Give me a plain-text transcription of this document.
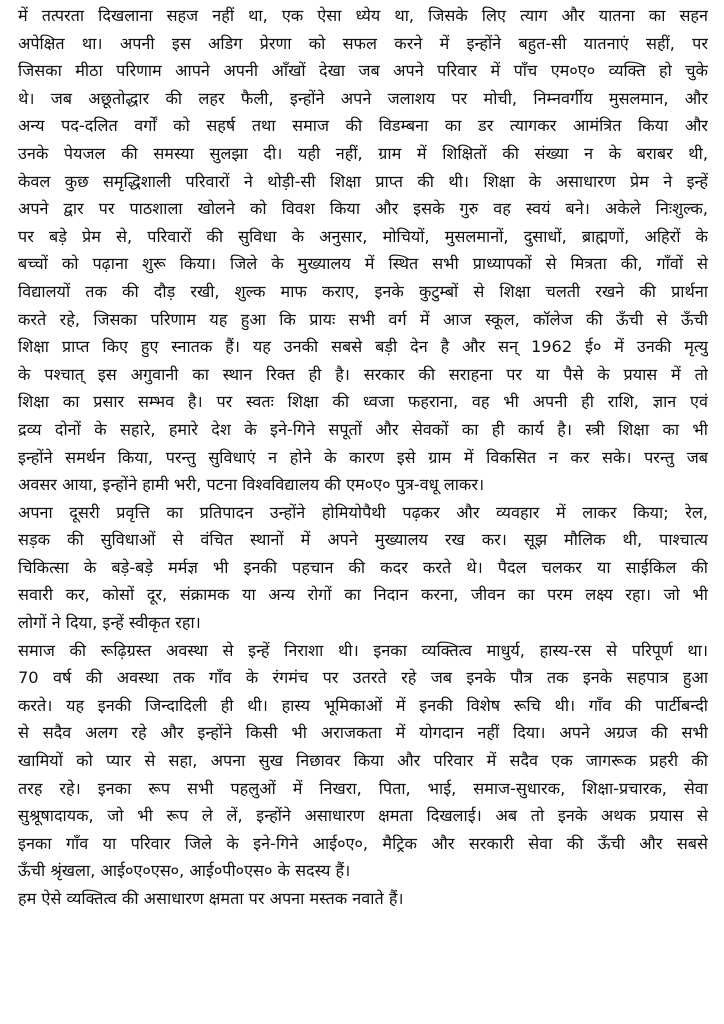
में तत्परता दिखलाना सहज नहीं था, एक ऐसा ध्येय था, जिसके लिए त्याग और यातना का सहन
अपेक्षित था। अपनी इस अडिग प्रेरणा को सफल करने में इन्होंने बहुत-सी यातनाएं सहीं, पर
जिसका मीठा परिणाम आपने अपनी आँखों देखा जब अपने परिवार में पाँच एम०ए० व्यक्ति हो चुके
थे। जब अछूतोद्धार की लहर फैली, इन्होंने अपने जलाशय पर मोची, निम्नवर्गीय मुसलमान, और
अन्य पद-दलित वर्गों को सहर्ष तथा समाज की विडम्बना का डर त्यागकर आमंत्रित किया और
उनके पेयजल की समस्या सुलझा दी। यही नहीं, ग्राम में शिक्षितों की संख्या न के बराबर थी,
केवल कुछ समृद्धिशाली परिवारों ने थोड़ी-सी शिक्षा प्राप्त की थी। शिक्षा के असाधारण प्रेम ने इन्हें
अपने द्वार पर पाठशाला खोलने को विवश किया और इसके गुरु वह स्वयं बने। अकेले निःशुल्क,
पर बड़े प्रेम से, परिवारों की सुविधा के अनुसार, मोचियों, मुसलमानों, दुसाधों, ब्राह्मणों, अहिरों के
बच्चों को पढ़ाना शुरू किया। जिले के मुख्यालय में स्थित सभी प्राध्यापकों से मित्रता की, गाँवों से
विद्यालयों तक की दौड़ रखी, शुल्क माफ कराए, इनके कुटुम्बों से शिक्षा चलती रखने की प्रार्थना
करते रहे, जिसका परिणाम यह हुआ कि प्रायः सभी वर्ग में आज स्कूल, कॉलेज की ऊँची से ऊँची
शिक्षा प्राप्त किए हुए स्नातक हैं। यह उनकी सबसे बड़ी देन है और सन् 1962 ई० में उनकी मृत्यु
के पश्चात् इस अगुवानी का स्थान रिक्त ही है। सरकार की सराहना पर या पैसे के प्रयास में तो
शिक्षा का प्रसार सम्भव है। पर स्वतः शिक्षा की ध्वजा फहराना, वह भी अपनी ही राशि, ज्ञान एवं
द्रव्य दोनों के सहारे, हमारे देश के इने-गिने सपूतों और सेवकों का ही कार्य है। स्त्री शिक्षा का भी
इन्होंने समर्थन किया, परन्तु सुविधाएं न होने के कारण इसे ग्राम में विकसित न कर सके। परन्तु जब
अवसर आया, इन्होंने हामी भरी, पटना विश्वविद्यालय की एम०ए० पुत्र-वधू लाकर।
अपना दूसरी प्रवृत्ति का प्रतिपादन उन्होंने होमियोपैथी पढ़कर और व्यवहार में लाकर किया; रेल,
सड़क की सुविधाओं से वंचित स्थानों में अपने मुख्यालय रख कर। सूझ मौलिक थी, पाश्चात्य
चिकित्सा के बड़े-बड़े मर्मज्ञ भी इनकी पहचान की कदर करते थे। पैदल चलकर या साईकिल की
सवारी कर, कोसों दूर, संक्रामक या अन्य रोगों का निदान करना, जीवन का परम लक्ष्य रहा। जो भी
लोगों ने दिया, इन्हें स्वीकृत रहा।
समाज की रूढ़िग्रस्त अवस्था से इन्हें निराशा थी। इनका व्यक्तित्व माधुर्य, हास्य-रस से परिपूर्ण था।
70 वर्ष की अवस्था तक गाँव के रंगमंच पर उतरते रहे जब इनके पौत्र तक इनके सहपात्र हुआ
करते। यह इनकी जिन्दादिली ही थी। हास्य भूमिकाओं में इनकी विशेष रूचि थी। गाँव की पार्टीबन्दी
से सदैव अलग रहे और इन्होंने किसी भी अराजकता में योगदान नहीं दिया। अपने अग्रज की सभी
खामियों को प्यार से सहा, अपना सुख निछावर किया और परिवार में सदैव एक जागरूक प्रहरी की
तरह रहे। इनका रूप सभी पहलुओं में निखरा, पिता, भाई, समाज-सुधारक, शिक्षा-प्रचारक, सेवा
सुश्रूषादायक, जो भी रूप ले लें, इन्होंने असाधारण क्षमता दिखलाई। अब तो इनके अथक प्रयास से
इनका गाँव या परिवार जिले के इने-गिने आई०ए०, मैट्रिक और सरकारी सेवा की ऊँची और सबसे
ऊँची श्रृंखला, आई०ए०एस०, आई०पी०एस० के सदस्य हैं।
हम ऐसे व्यक्तित्व की असाधारण क्षमता पर अपना मस्तक नवाते हैं।
